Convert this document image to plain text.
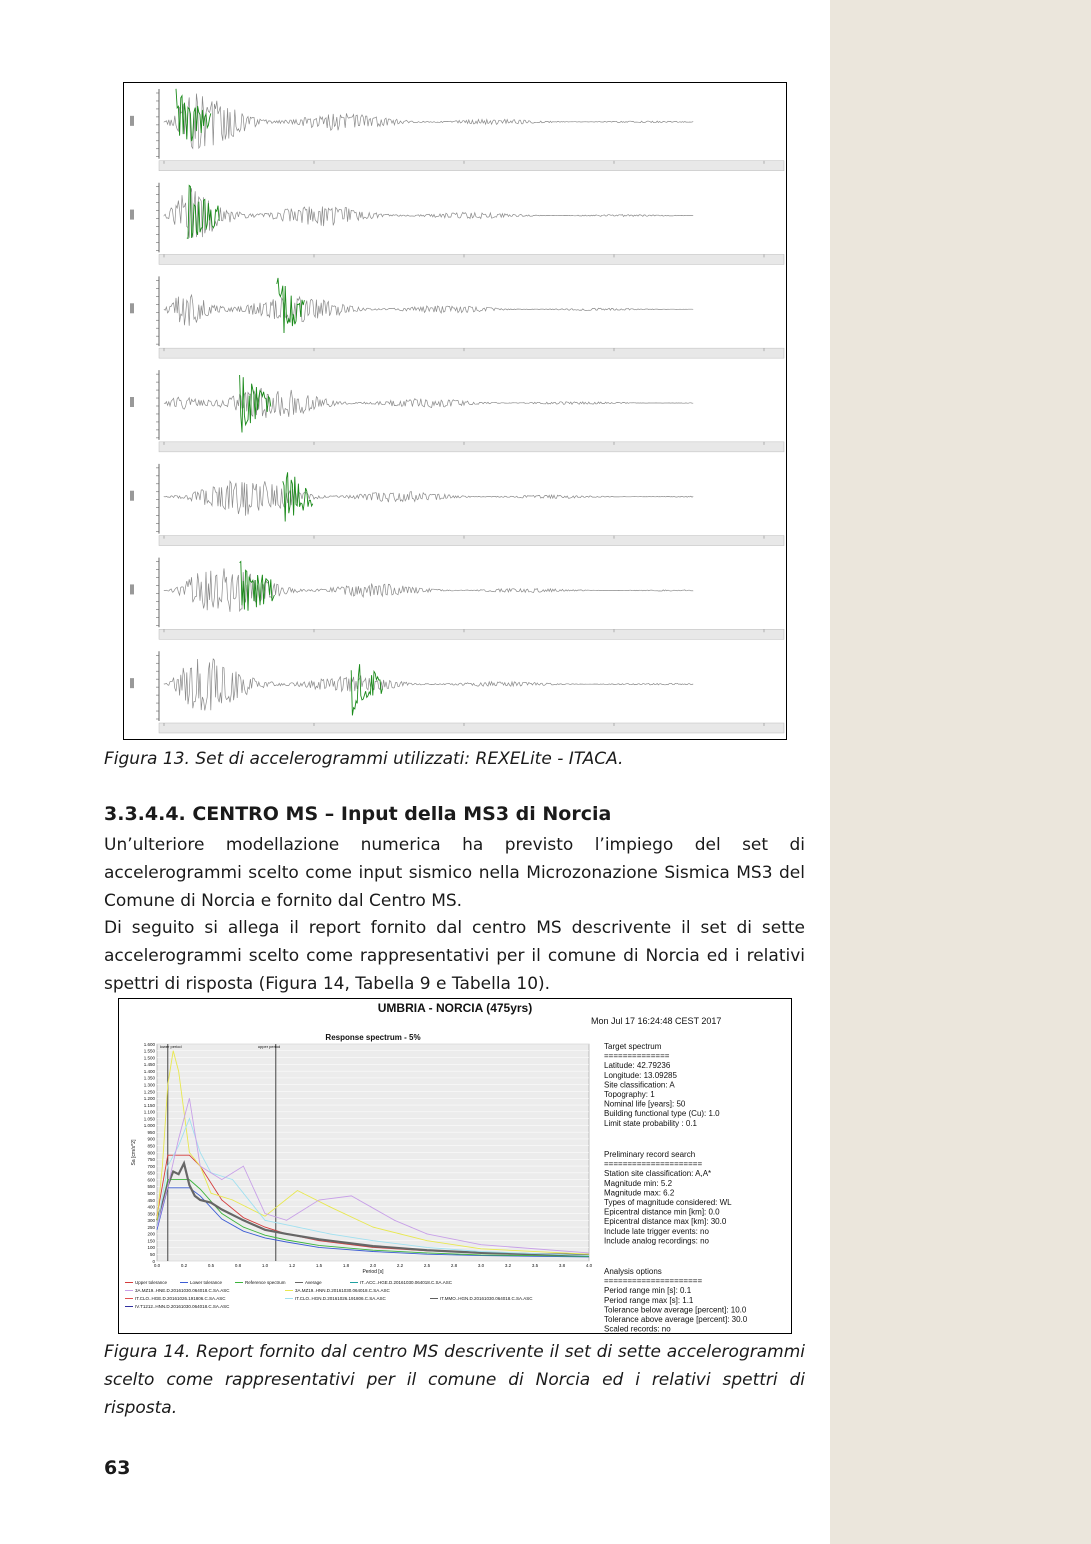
Figura 13. Set di accelerogrammi utilizzati: REXELite - ITACA.
3.3.4.4. CENTRO MS – Input della MS3 di Norcia
Un’ulteriore modellazione numerica ha previsto l’impiego del set di accelerogrammi scelto come input sismico nella Microzonazione Sismica MS3 del Comune di Norcia e fornito dal Centro MS.
Di seguito si allega il report fornito dal centro MS descrivente il set di sette accelerogrammi scelto come rappresentativi per il comune di Norcia ed i relativi spettri di risposta (Figura 14, Tabella 9 e Tabella 10).
UMBRIA - NORCIA (475yrs)
Mon Jul 17 16:24:48 CEST 2017
Response spectrum - 5%
0
50
100
150
200
250
300
350
400
450
500
550
600
650
700
750
800
850
900
950
1.000
1.050
1.100
1.150
1.200
1.250
1.300
1.350
1.400
1.450
1.500
1.550
1.600
0.0	0.2	0.5	0.8	1.0	1.2	1.5	1.8	2.0	2.2	2.5	2.8	3.0	3.2	3.5	3.8	4.0
Period [s]
Sa [cm/s^2]
lower period	upper period
Upper tolerance	Lower tolerance	Reference spectrum	Average	IT..ACC..HGE.D.20161030.064018.C.SA.ASC
3A.MZ19..HNE.D.20161030.064018.C.SA.ASC	3A.MZ19..HNN.D.20161030.064018.C.SA.ASC
IT.CLO..HGE.D.20161026.191806.C.SA.ASC	IT.CLO..HGN.D.20161026.191806.C.SA.ASC	IT.MMO..HGN.D.20161030.064018.C.SA.ASC
IV.T1212..HNN.D.20161030.064018.C.SA.ASC
Target spectrum
==============
Latitude: 42.79236
Longitude: 13.09285
Site classification: A
Topography: 1
Nominal life [years]: 50
Building functional type (Cu): 1.0
Limit state probability : 0.1
Preliminary record search
=====================
Station site classification: A,A*
Magnitude min: 5.2
Magnitude max: 6.2
Types of magnitude considered: WL
Epicentral distance min [km]: 0.0
Epicentral distance max [km]: 30.0
Include late trigger events: no
Include analog recordings: no
Analysis options
=====================
Period range min [s]: 0.1
Period range max [s]: 1.1
Tolerance below average [percent]: 10.0
Tolerance above average [percent]: 30.0
Scaled records: no
Figura 14. Report fornito dal centro MS descrivente il set di sette accelerogrammi scelto come rappresentativi per il comune di Norcia ed i relativi spettri di risposta.
63
